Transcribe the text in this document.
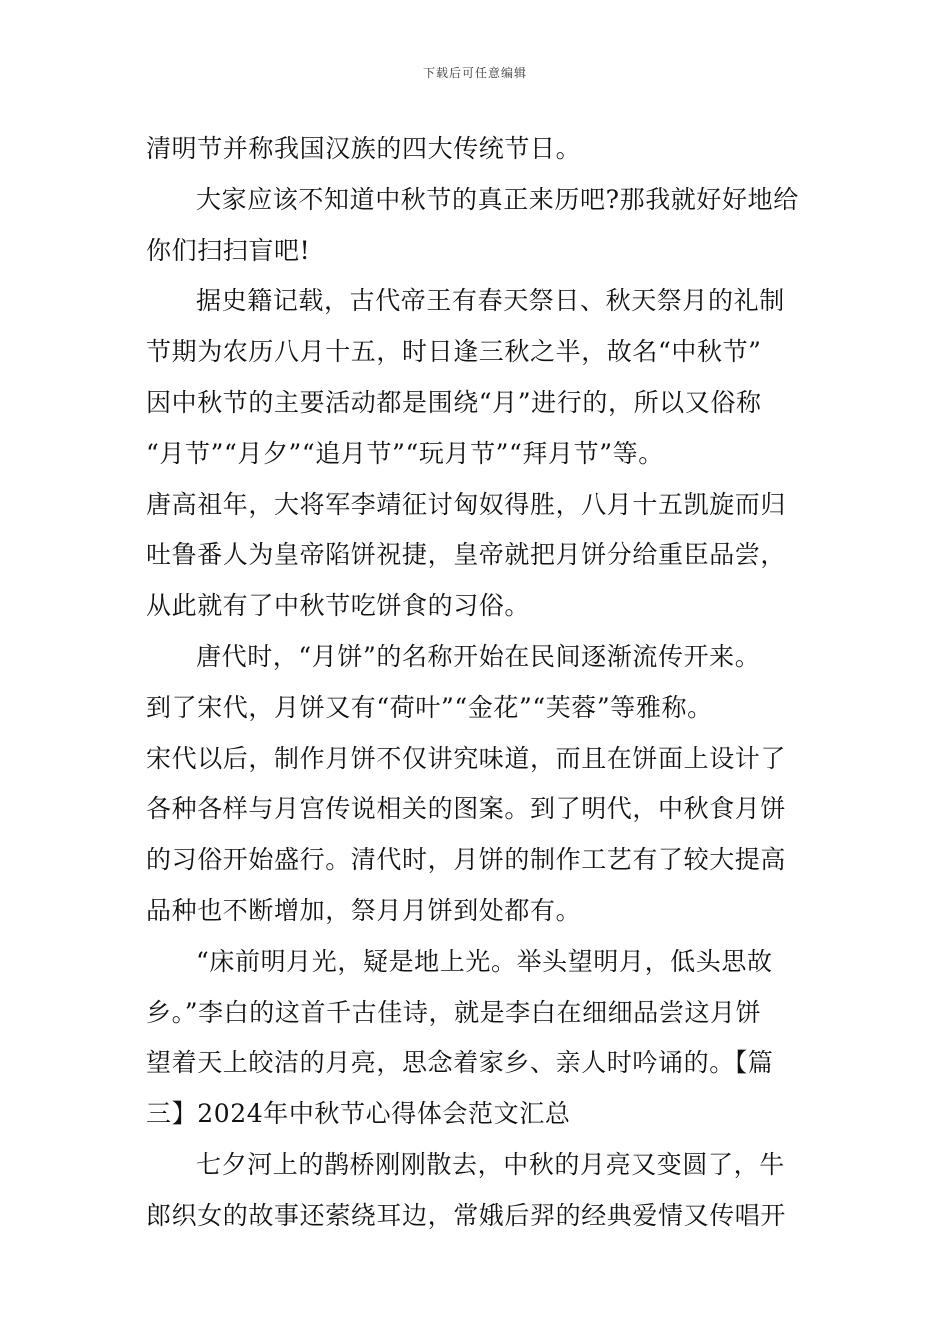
下载后可任意编辑
清明节并称我国汉族的四大传统节日。
大家应该不知道中秋节的真正来历吧?那我就好好地给
你们扫扫盲吧!
据史籍记载，古代帝王有春天祭日、秋天祭月的礼制
节期为农历八月十五，时日逢三秋之半，故名“中秋节”
因中秋节的主要活动都是围绕“月”进行的，所以又俗称
“月节”“月夕”“追月节”“玩月节”“拜月节”等。
唐高祖年，大将军李靖征讨匈奴得胜，八月十五凯旋而归
吐鲁番人为皇帝陷饼祝捷，皇帝就把月饼分给重臣品尝，
从此就有了中秋节吃饼食的习俗。
唐代时，“月饼”的名称开始在民间逐渐流传开来。
到了宋代，月饼又有“荷叶”“金花”“芙蓉”等雅称。
宋代以后，制作月饼不仅讲究味道，而且在饼面上设计了
各种各样与月宫传说相关的图案。到了明代，中秋食月饼
的习俗开始盛行。清代时，月饼的制作工艺有了较大提高
品种也不断增加，祭月月饼到处都有。
“床前明月光，疑是地上光。举头望明月，低头思故
乡。”李白的这首千古佳诗，就是李白在细细品尝这月饼
望着天上皎洁的月亮，思念着家乡、亲人时吟诵的。【篇
三】2024年中秋节心得体会范文汇总
七夕河上的鹊桥刚刚散去，中秋的月亮又变圆了，牛
郎织女的故事还萦绕耳边，常娥后羿的经典爱情又传唱开
